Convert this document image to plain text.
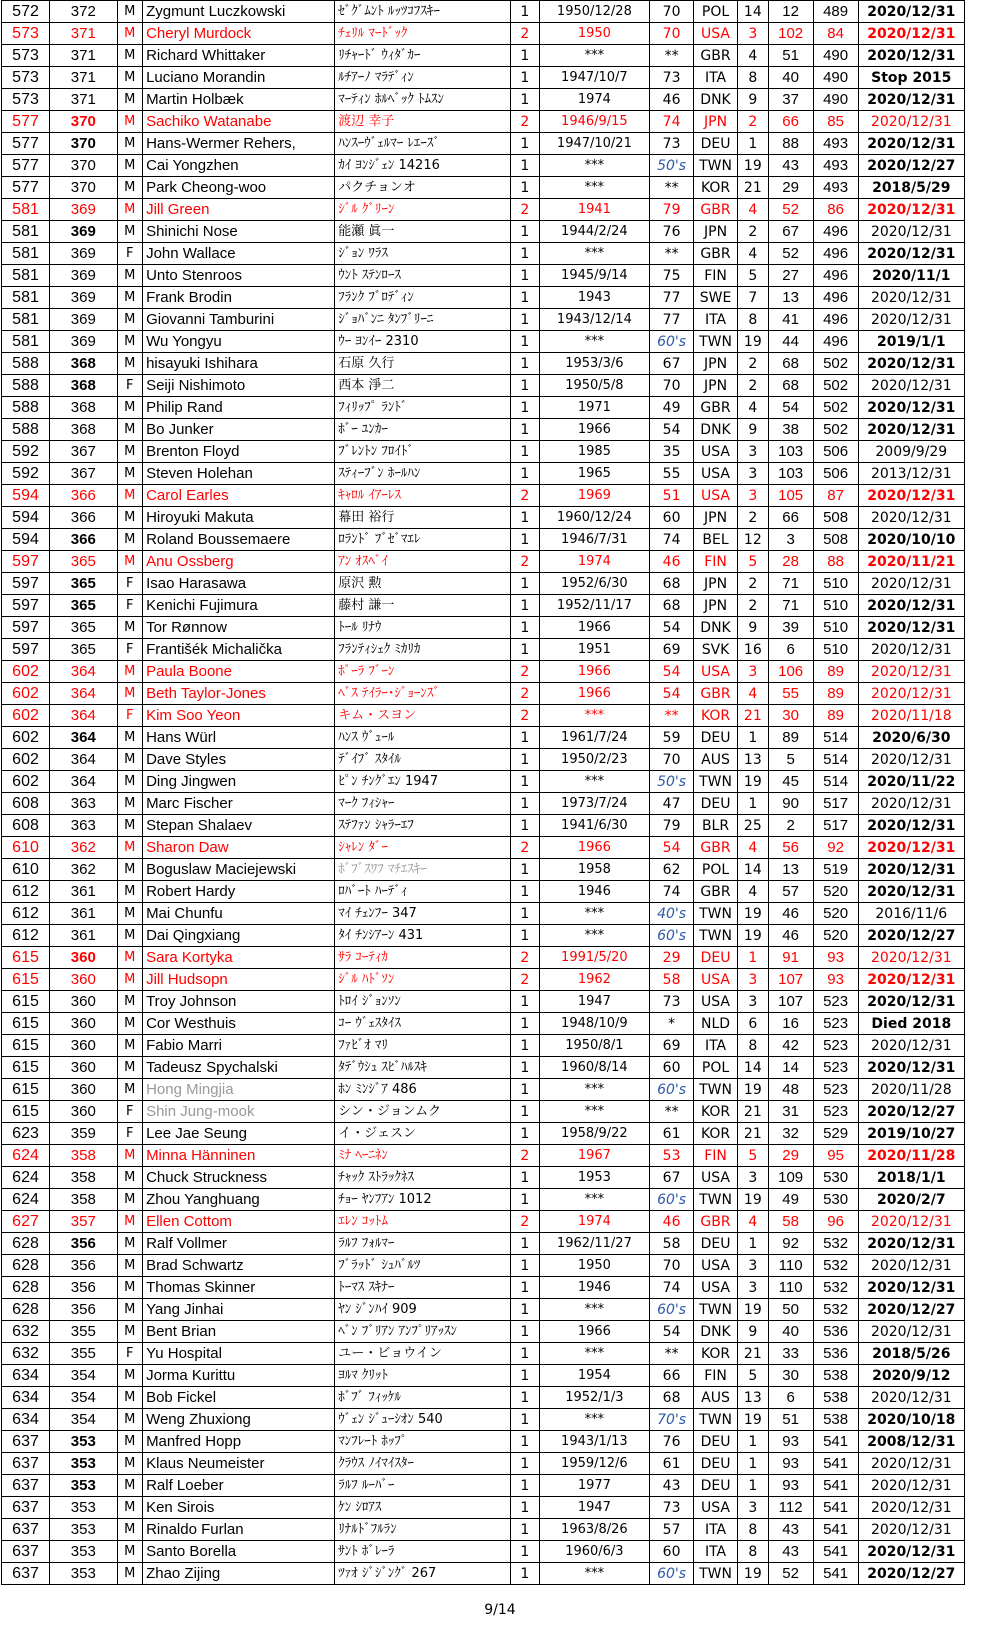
572	372	M	Zygmunt Luczkowski	ｾﾞｸﾞﾑﾝﾄ ﾙｯﾂｺﾌｽｷｰ	1	1950/12/28	70	POL	14	12	489	2020/12/31
573	371	M	Cheryl Murdock	ﾁｪﾘﾙ ﾏｰﾄﾞｯｸ	2	1950	70	USA	3	102	84	2020/12/31
573	371	M	Richard Whittaker	ﾘﾁｬｰﾄﾞ ｳｨﾀﾞｶｰ	1	***	**	GBR	4	51	490	2020/12/31
573	371	M	Luciano Morandin	ﾙﾁｱｰﾉ ﾏﾗﾃﾞｨﾝ	1	1947/10/7	73	ITA	8	40	490	Stop 2015
573	371	M	Martin Holbæk	ﾏｰﾃｨﾝ ﾎﾙﾍﾞｯｸ ﾄﾑｽﾝ	1	1974	46	DNK	9	37	490	2020/12/31
577	370	M	Sachiko Watanabe	渡辺 幸子	2	1946/9/15	74	JPN	2	66	85	2020/12/31
577	370	M	Hans-Wermer Rehers,	ﾊﾝｽｰｳﾞｪﾙﾏｰ ﾚｴｰｽﾞ	1	1947/10/21	73	DEU	1	88	493	2020/12/31
577	370	M	Cai Yongzhen	ｶｲ ﾖﾝｼﾞｪﾝ 14216	1	***	50's	TWN	19	43	493	2020/12/27
577	370	M	Park Cheong-woo	パクチョンオ	1	***	**	KOR	21	29	493	2018/5/29
581	369	M	Jill Green	ｼﾞﾙ ｸﾞﾘｰﾝ	2	1941	79	GBR	4	52	86	2020/12/31
581	369	M	Shinichi Nose	能瀬 眞一	1	1944/2/24	76	JPN	2	67	496	2020/12/31
581	369	F	John Wallace	ｼﾞｮﾝ ﾜﾗｽ	1	***	**	GBR	4	52	496	2020/12/31
581	369	M	Unto Stenroos	ｳﾝﾄ ｽﾃﾝﾛｰｽ	1	1945/9/14	75	FIN	5	27	496	2020/11/1
581	369	M	Frank Brodin	ﾌﾗﾝｸ ﾌﾞﾛﾃﾞｨﾝ	1	1943	77	SWE	7	13	496	2020/12/31
581	369	M	Giovanni Tamburini	ｼﾞｮﾊﾞﾝﾆ ﾀﾝﾌﾞﾘｰﾆ	1	1943/12/14	77	ITA	8	41	496	2020/12/31
581	369	M	Wu Yongyu	ｳｰ ﾖﾝｲｰ 2310	1	***	60's	TWN	19	44	496	2019/1/1
588	368	M	hisayuki Ishihara	石原 久行	1	1953/3/6	67	JPN	2	68	502	2020/12/31
588	368	F	Seiji Nishimoto	西本 淨二	1	1950/5/8	70	JPN	2	68	502	2020/12/31
588	368	M	Philip Rand	ﾌｨﾘｯﾌﾟ ﾗﾝﾄﾞ	1	1971	49	GBR	4	54	502	2020/12/31
588	368	M	Bo Junker	ﾎﾞｰ ﾕﾝｶｰ	1	1966	54	DNK	9	38	502	2020/12/31
592	367	M	Brenton Floyd	ﾌﾞﾚﾝﾄﾝ ﾌﾛｲﾄﾞ	1	1985	35	USA	3	103	506	2009/9/29
592	367	M	Steven Holehan	ｽﾃｨｰﾌﾞﾝ ﾎｰﾙﾊﾝ	1	1965	55	USA	3	103	506	2013/12/31
594	366	M	Carol Earles	ｷｬﾛﾙ ｲｱｰﾚｽ	2	1969	51	USA	3	105	87	2020/12/31
594	366	M	Hiroyuki Makuta	幕田 裕行	1	1960/12/24	60	JPN	2	66	508	2020/12/31
594	366	M	Roland Boussemaere	ﾛﾗﾝﾄﾞ ﾌﾞｾﾞﾏｴﾚ	1	1946/7/31	74	BEL	12	3	508	2020/10/10
597	365	M	Anu Ossberg	ｱﾝ ｵｽﾍﾞｲ	2	1974	46	FIN	5	28	88	2020/11/21
597	365	F	Isao Harasawa	原沢 勲	1	1952/6/30	68	JPN	2	71	510	2020/12/31
597	365	F	Kenichi Fujimura	藤村 謙一	1	1952/11/17	68	JPN	2	71	510	2020/12/31
597	365	M	Tor Rønnow	ﾄｰﾙ ﾘﾅｳ	1	1966	54	DNK	9	39	510	2020/12/31
597	365	F	Františék Michalička	ﾌﾗﾝﾃｨｼｪｸ ﾐｶﾘｶ	1	1951	69	SVK	16	6	510	2020/12/31
602	364	M	Paula Boone	ﾎﾟｰﾗ ﾌﾞｰﾝ	2	1966	54	USA	3	106	89	2020/12/31
602	364	M	Beth Taylor-Jones	ﾍﾞｽ ﾃｲﾗｰ･ｼﾞｮｰﾝｽﾞ	2	1966	54	GBR	4	55	89	2020/12/31
602	364	F	Kim Soo Yeon	キム・スヨン	2	***	**	KOR	21	30	89	2020/11/18
602	364	M	Hans Würl	ﾊﾝｽ ｳﾞｭｰﾙ	1	1961/7/24	59	DEU	1	89	514	2020/6/30
602	364	M	Dave Styles	ﾃﾞｲﾌﾞ ｽﾀｲﾙ	1	1950/2/23	70	AUS	13	5	514	2020/12/31
602	364	M	Ding Jingwen	ﾋﾟﾝ ﾁﾝｸﾞｴﾝ 1947	1	***	50's	TWN	19	45	514	2020/11/22
608	363	M	Marc Fischer	ﾏｰｸ ﾌｨｼｬｰ	1	1973/7/24	47	DEU	1	90	517	2020/12/31
608	363	M	Stepan Shalaev	ｽﾃﾌｧﾝ ｼｬﾗｰｴﾌ	1	1941/6/30	79	BLR	25	2	517	2020/12/31
610	362	M	Sharon Daw	ｼｬﾚﾝ ﾀﾞｰ	2	1966	54	GBR	4	56	92	2020/12/31
610	362	M	Boguslaw Maciejewski	ﾎﾞﾌﾞｽﾜﾌ ﾏﾁｴｽｷｰ	1	1958	62	POL	14	13	519	2020/12/31
612	361	M	Robert Hardy	ﾛﾊﾞｰﾄ ﾊｰﾃﾞｨ	1	1946	74	GBR	4	57	520	2020/12/31
612	361	M	Mai Chunfu	ﾏｲ ﾁｪﾝﾌｰ 347	1	***	40's	TWN	19	46	520	2016/11/6
612	361	M	Dai Qingxiang	ﾀｲ ﾁﾝｼｱｰﾝ 431	1	***	60's	TWN	19	46	520	2020/12/27
615	360	M	Sara Kortyka	ｻﾗ ｺｰﾃｨｶ	2	1991/5/20	29	DEU	1	91	93	2020/12/31
615	360	M	Jill Hudsopn	ｼﾞﾙ ﾊﾄﾞｿﾝ	2	1962	58	USA	3	107	93	2020/12/31
615	360	M	Troy Johnson	ﾄﾛｲ ｼﾞｮﾝｿﾝ	1	1947	73	USA	3	107	523	2020/12/31
615	360	M	Cor Westhuis	ｺｰ ｳﾞｪｽﾀｲｽ	1	1948/10/9	*	NLD	6	16	523	Died 2018
615	360	M	Fabio Marri	ﾌｧﾋﾞｵ ﾏﾘ	1	1950/8/1	69	ITA	8	42	523	2020/12/31
615	360	M	Tadeusz Spychalski	ﾀﾃﾞｳｼｭ ｽﾋﾞﾊﾙｽｷ	1	1960/8/14	60	POL	14	14	523	2020/12/31
615	360	M	Hong Mingjia	ﾎﾝ ﾐﾝｼﾞｱ 486	1	***	60's	TWN	19	48	523	2020/11/28
615	360	F	Shin Jung-mook	シン・ジョンムク	1	***	**	KOR	21	31	523	2020/12/27
623	359	F	Lee Jae Seung	イ・ジェスン	1	1958/9/22	61	KOR	21	32	529	2019/10/27
624	358	M	Minna Hänninen	ﾐﾅ ﾍｰﾆﾈﾝ	2	1967	53	FIN	5	29	95	2020/11/28
624	358	M	Chuck Struckness	ﾁｬｯｸ ｽﾄﾗｯｸﾈｽ	1	1953	67	USA	3	109	530	2018/1/1
624	358	M	Zhou Yanghuang	ﾁｮｰ ﾔﾝﾌｱﾝ 1012	1	***	60's	TWN	19	49	530	2020/2/7
627	357	M	Ellen Cottom	ｴﾚﾝ ｺｯﾄﾑ	2	1974	46	GBR	4	58	96	2020/12/31
628	356	M	Ralf Vollmer	ﾗﾙﾌ ﾌｫﾙﾏｰ	1	1962/11/27	58	DEU	1	92	532	2020/12/31
628	356	M	Brad Schwartz	ﾌﾞﾗｯﾄﾞ ｼｭﾊﾞﾙﾂ	1	1950	70	USA	3	110	532	2020/12/31
628	356	M	Thomas Skinner	ﾄｰﾏｽ ｽｷﾅｰ	1	1946	74	USA	3	110	532	2020/12/31
628	356	M	Yang Jinhai	ﾔﾝ ｼﾞﾝﾊｲ 909	1	***	60's	TWN	19	50	532	2020/12/27
632	355	M	Bent Brian	ﾍﾞﾝ ﾌﾞﾘｱﾝ ｱﾝﾌﾟﾘｱｯｽﾝ	1	1966	54	DNK	9	40	536	2020/12/31
632	355	F	Yu Hospital	ユー・ビョウイン	1	***	**	KOR	21	33	536	2018/5/26
634	354	M	Jorma Kurittu	ﾖﾙﾏ ｸﾘｯﾄ	1	1954	66	FIN	5	30	538	2020/9/12
634	354	M	Bob Fickel	ﾎﾞﾌﾞ ﾌｨｯｹﾙ	1	1952/1/3	68	AUS	13	6	538	2020/12/31
634	354	M	Weng Zhuxiong	ｳﾞｪﾝ ｼﾞｭｰｼｵﾝ 540	1	***	70's	TWN	19	51	538	2020/10/18
637	353	M	Manfred Hopp	ﾏﾝﾌﾚｰﾄ ﾎｯﾌﾟ	1	1943/1/13	76	DEU	1	93	541	2008/12/31
637	353	M	Klaus Neumeister	ｸﾗｳｽ ﾉｲﾏｲｽﾀｰ	1	1959/12/6	61	DEU	1	93	541	2020/12/31
637	353	M	Ralf Loeber	ﾗﾙﾌ ﾙｰﾊﾞｰ	1	1977	43	DEU	1	93	541	2020/12/31
637	353	M	Ken Sirois	ｹﾝ ｼﾛｱｽ	1	1947	73	USA	3	112	541	2020/12/31
637	353	M	Rinaldo Furlan	ﾘﾅﾙﾄﾞﾌﾙﾗﾝ	1	1963/8/26	57	ITA	8	43	541	2020/12/31
637	353	M	Santo Borella	ｻﾝﾄ ﾎﾞﾚｰﾗ	1	1960/6/3	60	ITA	8	43	541	2020/12/31
637	353	M	Zhao Zijing	ﾂｧｵ ｼﾞｼﾞﾝｸﾞ 267	1	***	60's	TWN	19	52	541	2020/12/27
9/14
